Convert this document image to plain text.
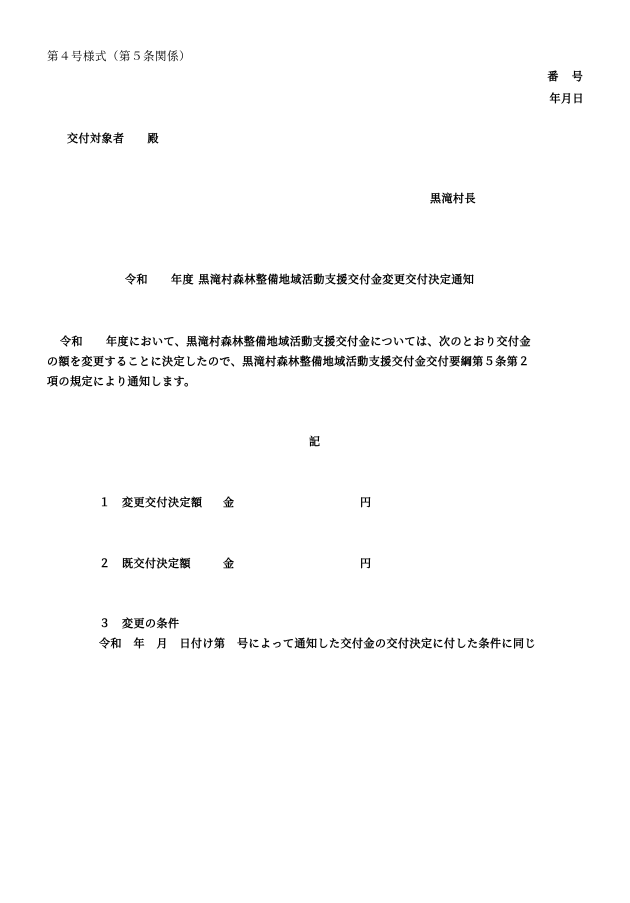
第４号様式（第５条関係）
番　号
年月日
交付対象者　　殿
黒滝村長
令和　　年度 黒滝村森林整備地域活動支援交付金変更交付決定通知
令和　　年度において、黒滝村森林整備地域活動支援交付金については、次のとおり交付金
の額を変更することに決定したので、黒滝村森林整備地域活動支援交付金交付要綱第５条第２
項の規定により通知します。
記
１ 変更交付決定額 金	円
２ 既交付決定額	金	円
３ 変更の条件
令和　年　月　日付け第　号によって通知した交付金の交付決定に付した条件に同じ
